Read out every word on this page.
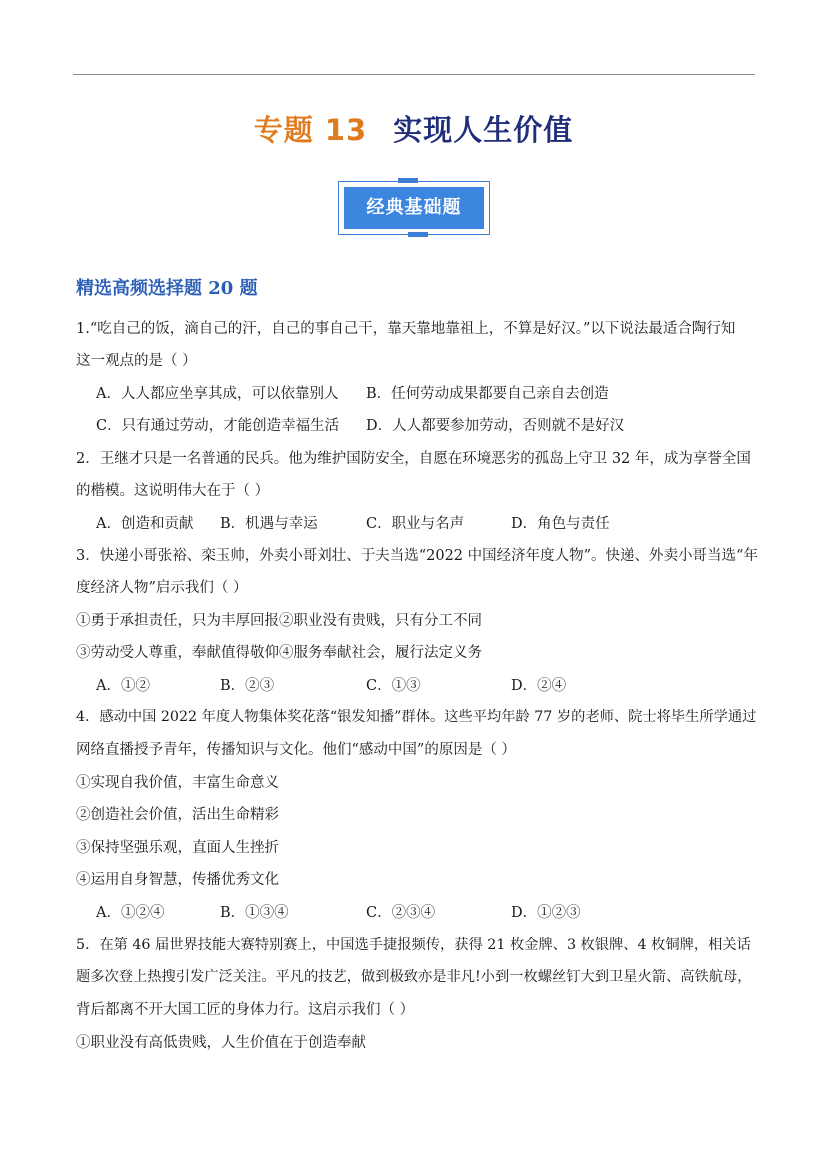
专题 13 实现人生价值
经典基础题
精选高频选择题 20 题
1.“吃自己的饭，滴自己的汗，自己的事自己干，靠天靠地靠祖上，不算是好汉。”以下说法最适合陶行知
这一观点的是（ ）
A．人人都应坐享其成，可以依靠别人 B．任何劳动成果都要自己亲自去创造
C．只有通过劳动，才能创造幸福生活 D．人人都要参加劳动，否则就不是好汉
2．王继才只是一名普通的民兵。他为维护国防安全，自愿在环境恶劣的孤岛上守卫 32 年，成为享誉全国
的楷模。这说明伟大在于（ ）
A．创造和贡献 B．机遇与幸运	C．职业与名声	D．角色与责任
3．快递小哥张裕、栾玉帅，外卖小哥刘壮、于夫当选“2022 中国经济年度人物”。快递、外卖小哥当选“年
度经济人物”启示我们（ ）
①勇于承担责任，只为丰厚回报②职业没有贵贱，只有分工不同
③劳动受人尊重，奉献值得敬仰④服务奉献社会，履行法定义务
A．①②	B．②③	C．①③	D．②④
4．感动中国 2022 年度人物集体奖花落“银发知播”群体。这些平均年龄 77 岁的老师、院士将毕生所学通过
网络直播授予青年，传播知识与文化。他们“感动中国”的原因是（ ）
①实现自我价值，丰富生命意义
②创造社会价值，活出生命精彩
③保持坚强乐观，直面人生挫折
④运用自身智慧，传播优秀文化
A．①②④	B．①③④	C．②③④	D．①②③
5．在第 46 届世界技能大赛特别赛上，中国选手捷报频传，获得 21 枚金牌、3 枚银牌、4 枚铜牌，相关话
题多次登上热搜引发广泛关注。平凡的技艺，做到极致亦是非凡!小到一枚螺丝钉大到卫星火箭、高铁航母，
背后都离不开大国工匠的身体力行。这启示我们（ ）
①职业没有高低贵贱，人生价值在于创造奉献
